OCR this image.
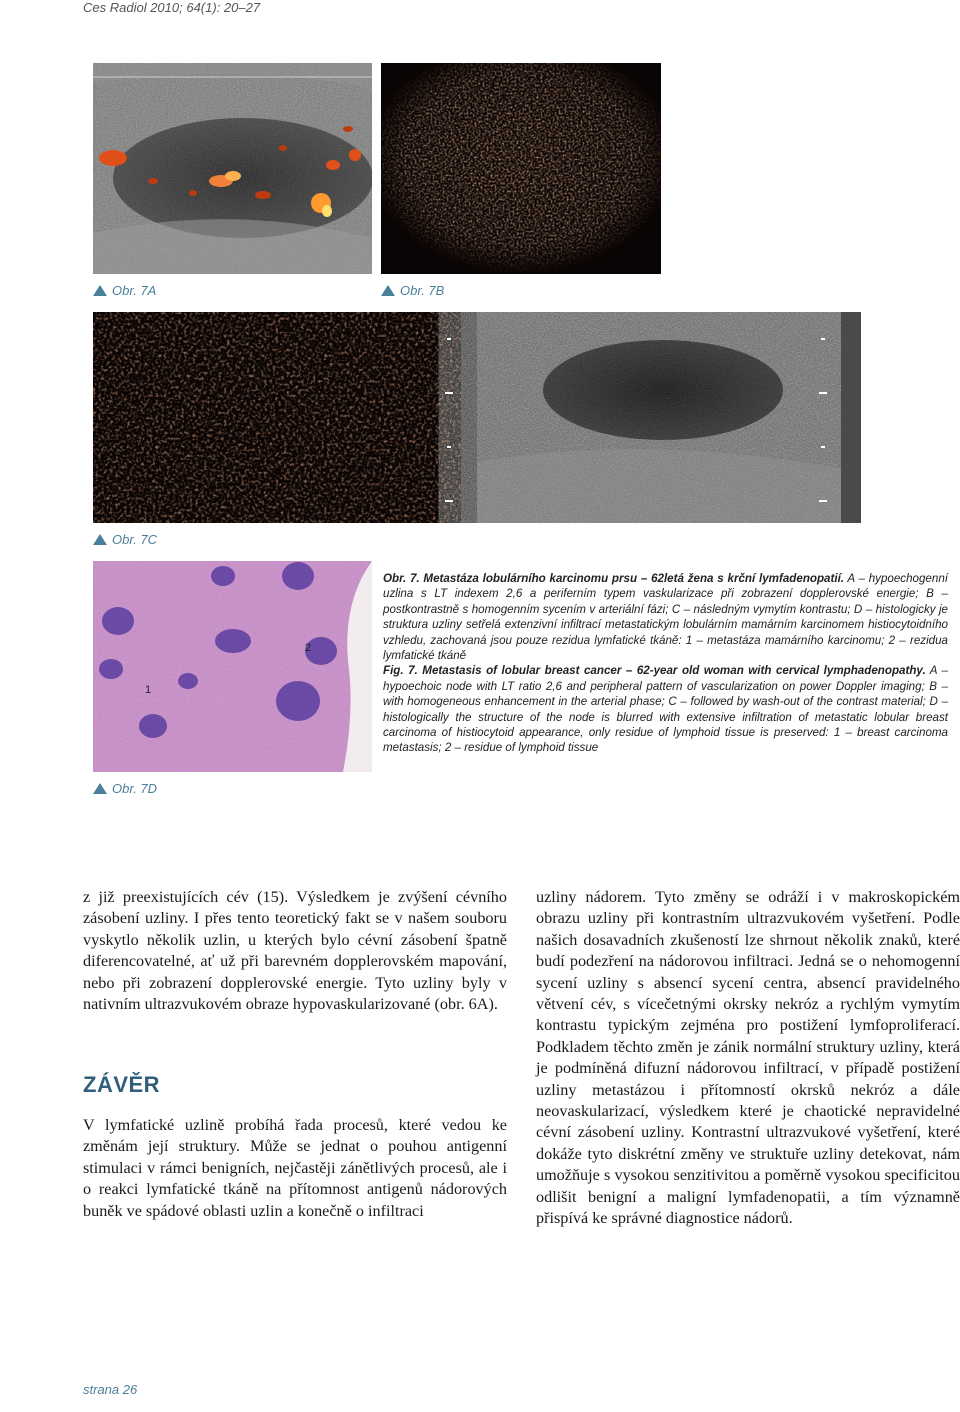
Ces Radiol 2010; 64(1): 20–27
Obr. 7A	Obr. 7B
Obr. 7C
1
2
Obr. 7D

Obr. 7. Metastáza lobulárního karcinomu prsu – 62letá žena s krční lymfadenopatií. A – hypoechogenní uzlina s LT indexem 2,6 a periferním typem vaskularizace při zobrazení dopplerovské energie; B – postkontrastně s homogenním sycením v arteriální fázi; C – následným vymytím kontrastu; D – histologicky je struktura uzliny setřelá extenzivní infiltrací metastatickým lobulárním mamárním karcinomem histiocytoidního vzhledu, zachovaná jsou pouze rezidua lymfatické tkáně: 1 – metastáza mamárního karcinomu; 2 – rezidua lymfatické tkáně

Fig. 7. Metastasis of lobular breast cancer – 62-year old woman with cervical lymphadenopathy. A – hypoechoic node with LT ratio 2,6 and peripheral pattern of vascularization on power Doppler imaging; B – with homogeneous enhancement in the arterial phase; C – followed by wash-out of the contrast material; D – histologically the structure of the node is blurred with extensive infiltration of metastatic lobular breast carcinoma of histiocytoid appearance, only residue of lymphoid tissue is preserved: 1 – breast carcinoma metastasis; 2 – residue of lymphoid tissue

z již preexistujících cév (15). Výsledkem je zvýšení cévního zásobení uzliny. I přes tento teoretický fakt se v našem souboru vyskytlo několik uzlin, u kterých bylo cévní zásobení špatně diferencovatelné, ať už při barevném dopplerovském mapování, nebo při zobrazení dopplerovské energie. Tyto uzliny byly v nativním ultrazvukovém obraze hypovaskularizované (obr. 6A).

ZÁVĚR

V lymfatické uzlině probíhá řada procesů, které vedou ke změnám její struktury. Může se jednat o pouhou antigenní stimulaci v rámci benigních, nejčastěji zánětlivých procesů, ale i o reakci lymfatické tkáně na přítomnost antigenů nádorových buněk ve spádové oblasti uzlin a konečně o infiltraci

uzliny nádorem. Tyto změny se odráží i v makroskopickém obrazu uzliny při kontrastním ultrazvukovém vyšetření. Podle našich dosavadních zkušeností lze shrnout několik znaků, které budí podezření na nádorovou infiltraci. Jedná se o nehomogenní sycení uzliny s absencí sycení centra, absencí pravidelného větvení cév, s vícečetnými okrsky nekróz a rychlým vymytím kontrastu typickým zejména pro postižení lymfoproliferací. Podkladem těchto změn je zánik normální struktury uzliny, která je podmíněná difuzní nádorovou infiltrací, v případě postižení uzliny metastázou i přítomností okrsků nekróz a dále neovaskularizací, výsledkem které je chaotické nepravidelné cévní zásobení uzliny. Kontrastní ultrazvukové vyšetření, které dokáže tyto diskrétní změny ve struktuře uzliny detekovat, nám umožňuje s vysokou senzitivitou a poměrně vysokou specificitou odlišit benigní a maligní lymfadenopatii, a tím významně přispívá ke správné diagnostice nádorů.

strana 26
